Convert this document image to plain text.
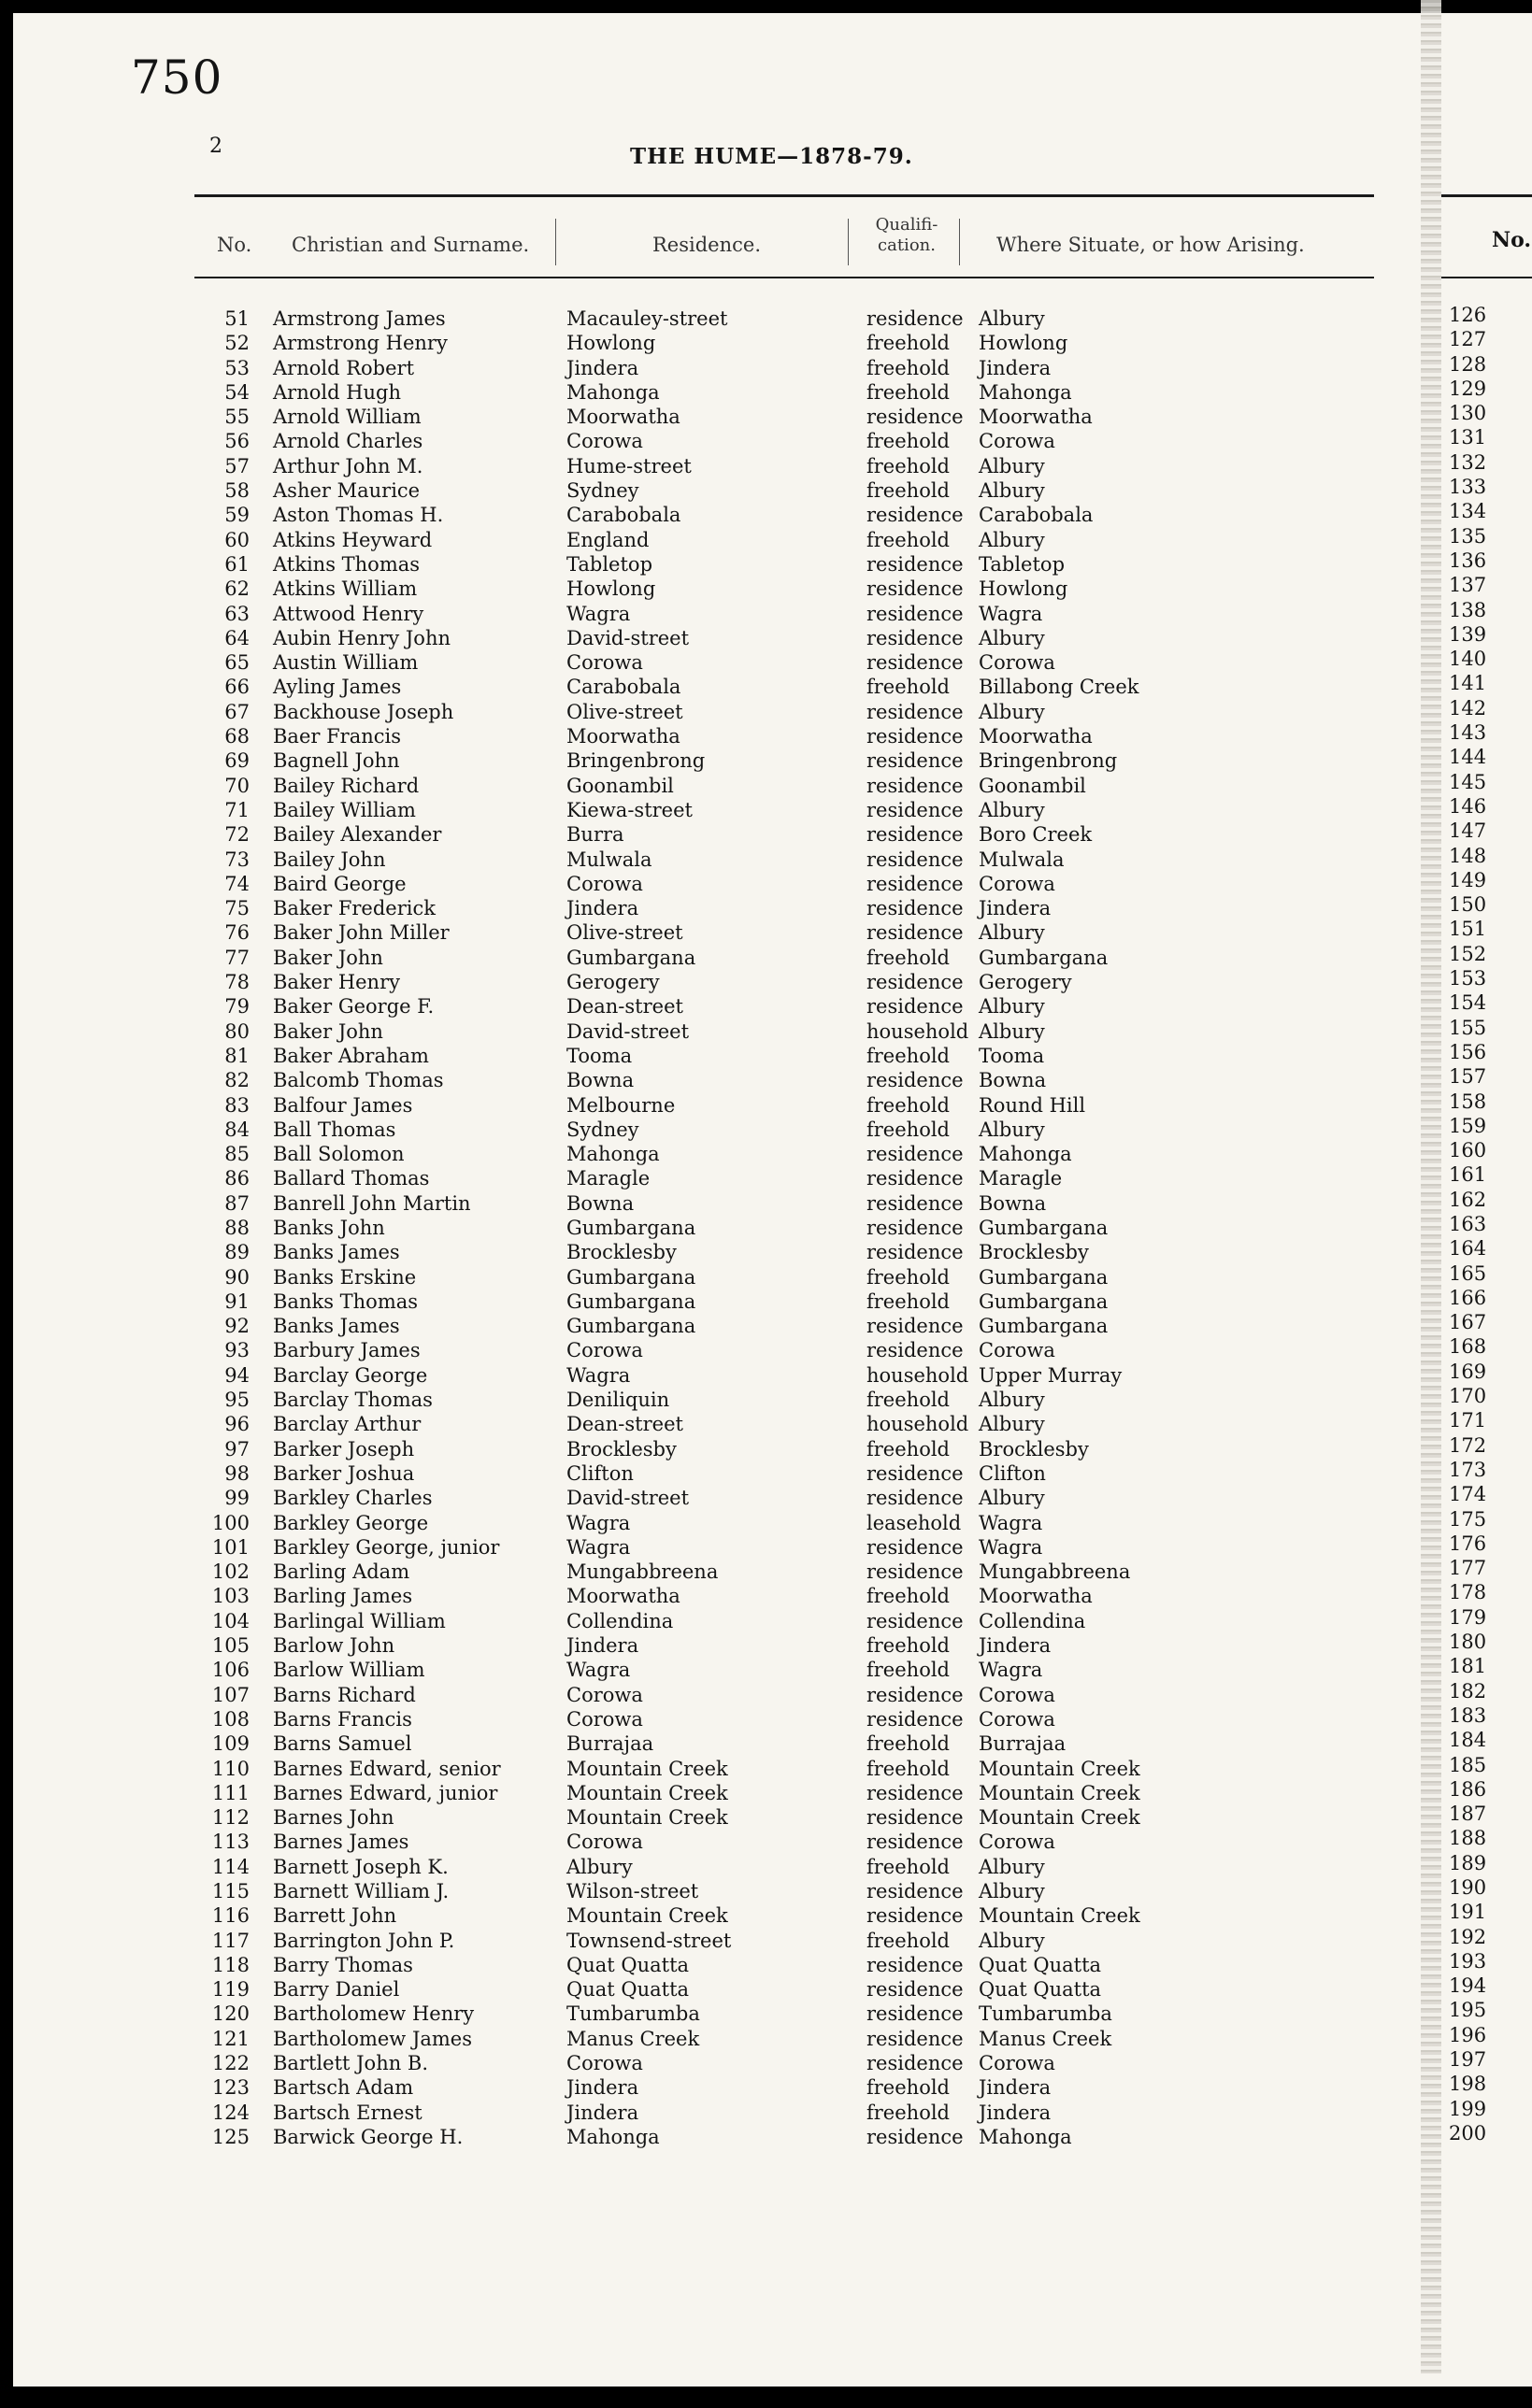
750
2	THE HUME—1878-79.
No. Christian and Surname.	Residence.
Qualifi- cation.	Where Situate, or how Arising.
51 Armstrong James	Macauley-street	residence Albury
52 Armstrong Henry	Howlong	freehold Howlong
53 Arnold Robert	Jindera	freehold Jindera
54 Arnold Hugh	Mahonga	freehold Mahonga
55 Arnold William	Moorwatha	residence Moorwatha
56 Arnold Charles	Corowa	freehold Corowa
57 Arthur John M.	Hume-street	freehold Albury
58 Asher Maurice	Sydney	freehold Albury
59 Aston Thomas H.	Carabobala	residence Carabobala
60 Atkins Heyward	England	freehold Albury
61 Atkins Thomas	Tabletop	residence Tabletop
62 Atkins William	Howlong	residence Howlong
63 Attwood Henry	Wagra	residence Wagra
64 Aubin Henry John	David-street	residence Albury
65 Austin William	Corowa	residence Corowa
66 Ayling James	Carabobala	freehold Billabong Creek
67 Backhouse Joseph	Olive-street	residence Albury
68 Baer Francis	Moorwatha	residence Moorwatha
69 Bagnell John	Bringenbrong	residence Bringenbrong
70 Bailey Richard	Goonambil	residence Goonambil
71 Bailey William	Kiewa-street	residence Albury
72 Bailey Alexander	Burra	residence Boro Creek
73 Bailey John	Mulwala	residence Mulwala
74 Baird George	Corowa	residence Corowa
75 Baker Frederick	Jindera	residence Jindera
76 Baker John Miller	Olive-street	residence Albury
77 Baker John	Gumbargana	freehold Gumbargana
78 Baker Henry	Gerogery	residence Gerogery
79 Baker George F.	Dean-street	residence Albury
80 Baker John	David-street	household Albury
81 Baker Abraham	Tooma	freehold Tooma
82 Balcomb Thomas	Bowna	residence Bowna
83 Balfour James	Melbourne	freehold Round Hill
84 Ball Thomas	Sydney	freehold Albury
85 Ball Solomon	Mahonga	residence Mahonga
86 Ballard Thomas	Maragle	residence Maragle
87 Banrell John Martin	Bowna	residence Bowna
88 Banks John	Gumbargana	residence Gumbargana
89 Banks James	Brocklesby	residence Brocklesby
90 Banks Erskine	Gumbargana	freehold Gumbargana
91 Banks Thomas	Gumbargana	freehold Gumbargana
92 Banks James	Gumbargana	residence Gumbargana
93 Barbury James	Corowa	residence Corowa
94 Barclay George	Wagra	household Upper Murray
95 Barclay Thomas	Deniliquin	freehold Albury
96 Barclay Arthur	Dean-street	household Albury
97 Barker Joseph	Brocklesby	freehold Brocklesby
98 Barker Joshua	Clifton	residence Clifton
99 Barkley Charles	David-street	residence Albury
100 Barkley George	Wagra	leasehold Wagra
101 Barkley George, junior	Wagra	residence Wagra
102 Barling Adam	Mungabbreena	residence Mungabbreena
103 Barling James	Moorwatha	freehold Moorwatha
104 Barlingal William	Collendina	residence Collendina
105 Barlow John	Jindera	freehold Jindera
106 Barlow William	Wagra	freehold Wagra
107 Barns Richard	Corowa	residence Corowa
108 Barns Francis	Corowa	residence Corowa
109 Barns Samuel	Burrajaa	freehold Burrajaa
110 Barnes Edward, senior	Mountain Creek	freehold Mountain Creek
111 Barnes Edward, junior	Mountain Creek	residence Mountain Creek
112 Barnes John	Mountain Creek	residence Mountain Creek
113 Barnes James	Corowa	residence Corowa
114 Barnett Joseph K.	Albury	freehold Albury
115 Barnett William J.	Wilson-street	residence Albury
116 Barrett John	Mountain Creek	residence Mountain Creek
117 Barrington John P.	Townsend-street	freehold Albury
118 Barry Thomas	Quat Quatta	residence Quat Quatta
119 Barry Daniel	Quat Quatta	residence Quat Quatta
120 Bartholomew Henry	Tumbarumba	residence Tumbarumba
121 Bartholomew James	Manus Creek	residence Manus Creek
122 Bartlett John B.	Corowa	residence Corowa
123 Bartsch Adam	Jindera	freehold Jindera
124 Bartsch Ernest	Jindera	freehold Jindera
125 Barwick George H.	Mahonga	residence Mahonga
No.
126
127
128
129
130
131
132
133
134
135
136
137
138
139
140
141
142
143
144
145
146
147
148
149
150
151
152
153
154
155
156
157
158
159
160
161
162
163
164
165
166
167
168
169
170
171
172
173
174
175
176
177
178
179
180
181
182
183
184
185
186
187
188
189
190
191
192
193
194
195
196
197
198
199
200
